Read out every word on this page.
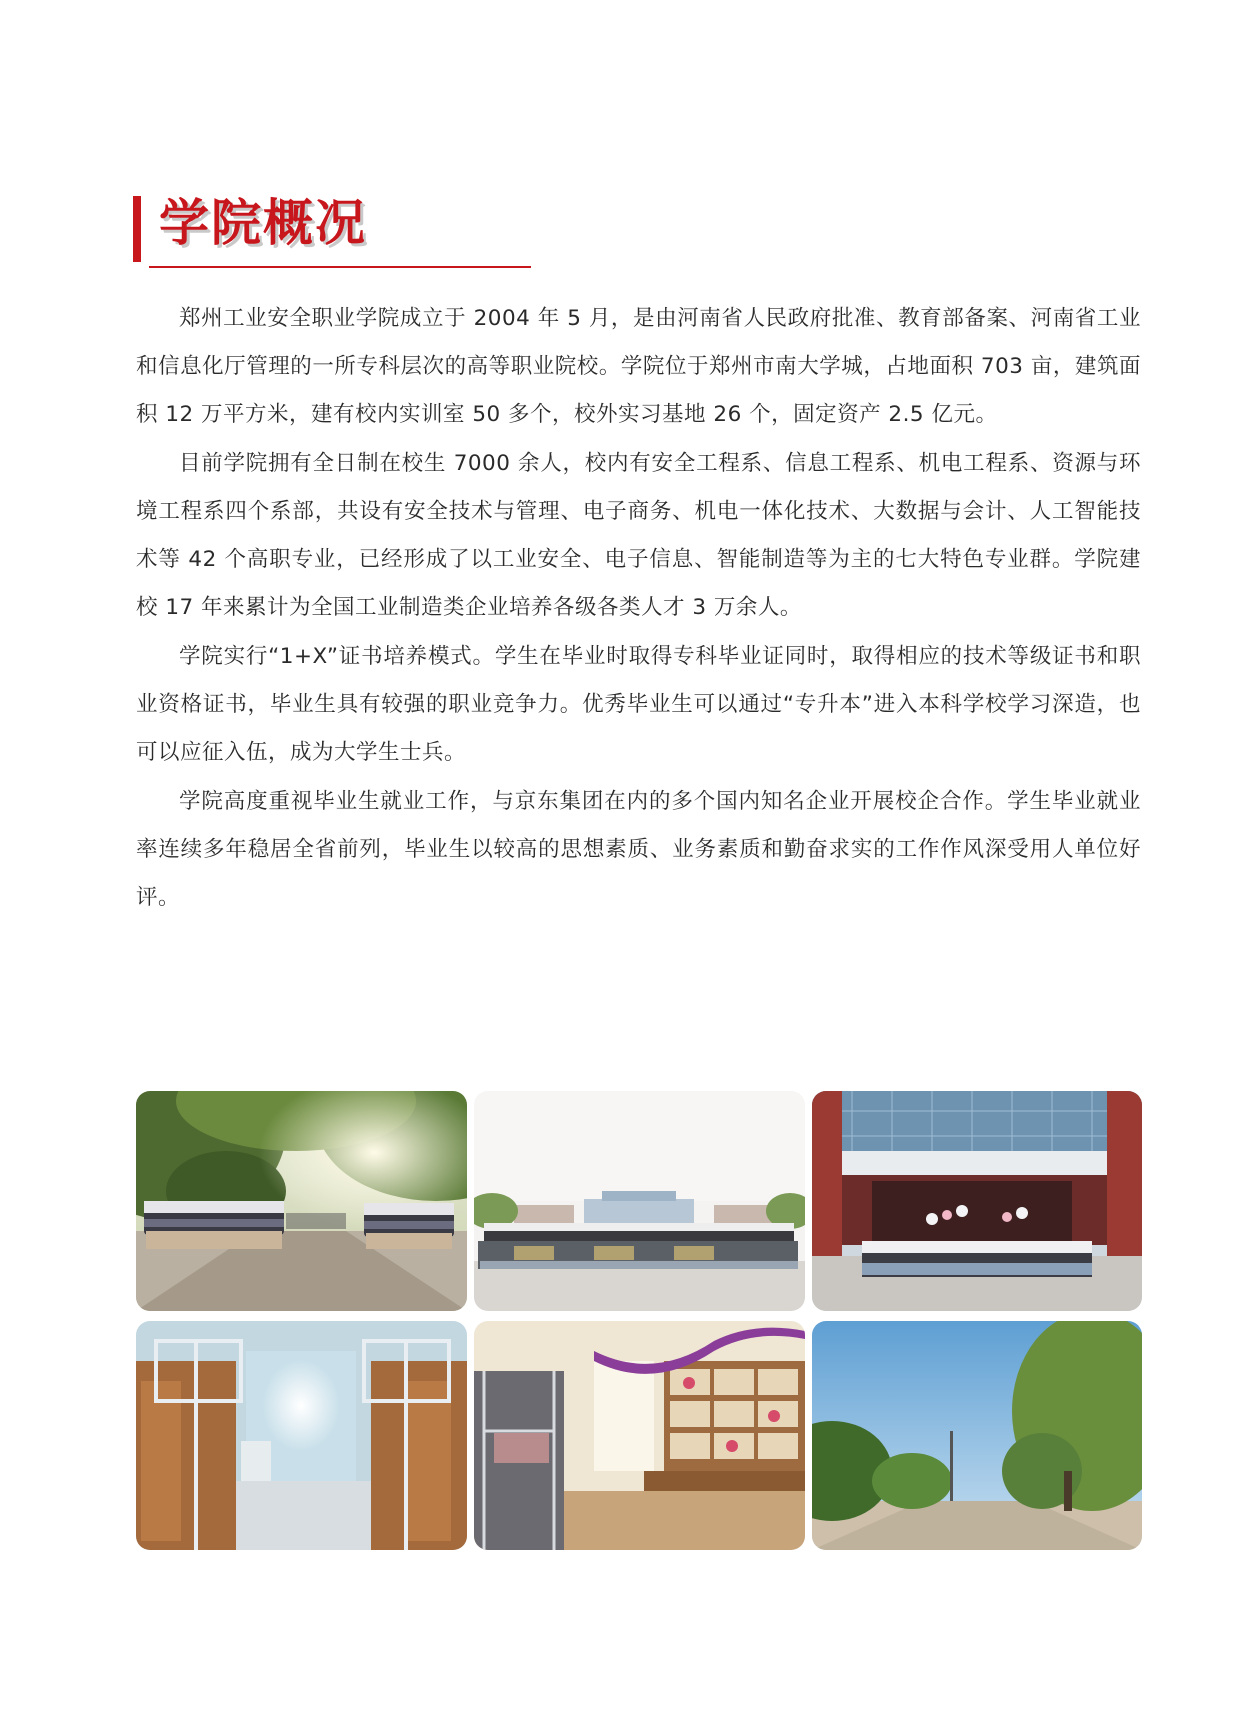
学院概况

郑州工业安全职业学院成立于 2004 年 5 月，是由河南省人民政府批准、教育部备案、河南省工业和信息化厅管理的一所专科层次的高等职业院校。学院位于郑州市南大学城，占地面积 703 亩，建筑面积 12 万平方米，建有校内实训室 50 多个，校外实习基地 26 个，固定资产 2.5 亿元。

目前学院拥有全日制在校生 7000 余人，校内有安全工程系、信息工程系、机电工程系、资源与环境工程系四个系部，共设有安全技术与管理、电子商务、机电一体化技术、大数据与会计、人工智能技术等 42 个高职专业，已经形成了以工业安全、电子信息、智能制造等为主的七大特色专业群。学院建校 17 年来累计为全国工业制造类企业培养各级各类人才 3 万余人。

学院实行“1+X”证书培养模式。学生在毕业时取得专科毕业证同时，取得相应的技术等级证书和职业资格证书，毕业生具有较强的职业竞争力。优秀毕业生可以通过“专升本”进入本科学校学习深造，也可以应征入伍，成为大学生士兵。

学院高度重视毕业生就业工作，与京东集团在内的多个国内知名企业开展校企合作。学生毕业就业率连续多年稳居全省前列，毕业生以较高的思想素质、业务素质和勤奋求实的工作作风深受用人单位好评。
